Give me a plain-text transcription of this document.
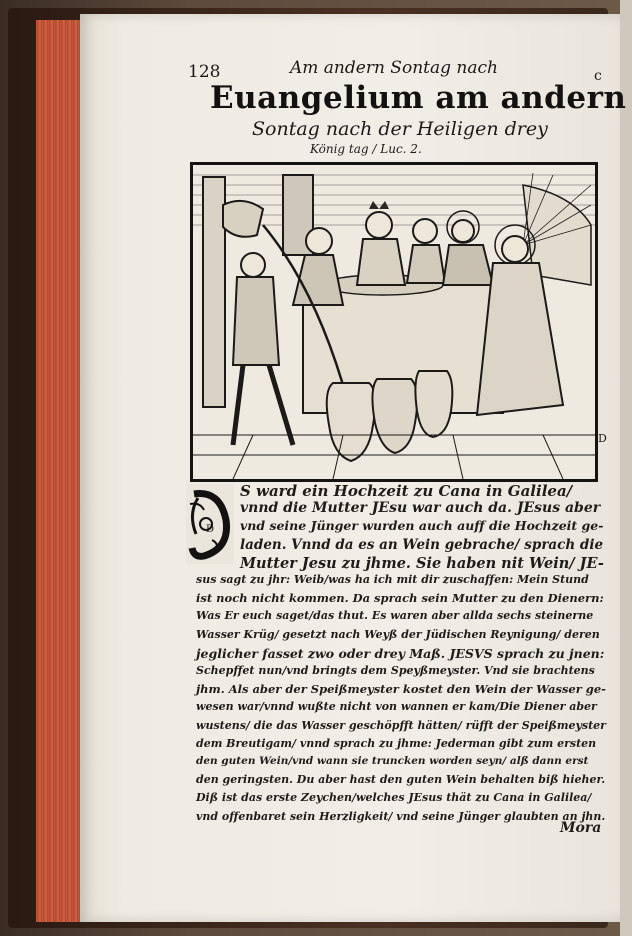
128	Am andern Sontag nach	c
Euangelium am andern
Sontag nach der Heiligen drey
König tag / Luc. 2.
D
D
S ward ein Hochzeit zu Cana in Galilea/
vnnd die Mutter JEsu war auch da. JEsus aber
vnd seine Jünger wurden auch auff die Hochzeit ge-
laden. Vnnd da es an Wein gebrache/ sprach die
Mutter Jesu zu jhme. Sie haben nit Wein/ JE-
sus sagt zu jhr: Weib/was ha ich mit dir zuschaffen: Mein Stund
ist noch nicht kommen. Da sprach sein Mutter zu den Dienern:
Was Er euch saget/das thut. Es waren aber allda sechs steinerne
Wasser Krüg/ gesetzt nach Weyß der Jüdischen Reynigung/ deren
jeglicher fasset zwo oder drey Maß. JESVS sprach zu jnen:
Schepffet nun/vnd bringts dem Speyßmeyster. Vnd sie brachtens
jhm. Als aber der Speißmeyster kostet den Wein der Wasser ge-
wesen war/vnnd wußte nicht von wannen er kam/Die Diener aber
wustens/ die das Wasser geschöpfft hätten/ rüfft der Speißmeyster
dem Breutigam/ vnnd sprach zu jhme: Jederman gibt zum ersten
den guten Wein/vnd wann sie truncken worden seyn/ alß dann erst
den geringsten. Du aber hast den guten Wein behalten biß hieher.
Diß ist das erste Zeychen/welches JEsus thät zu Cana in Galilea/
vnd offenbaret sein Herzligkeit/ vnd seine Jünger glaubten an jhn.
Mora
